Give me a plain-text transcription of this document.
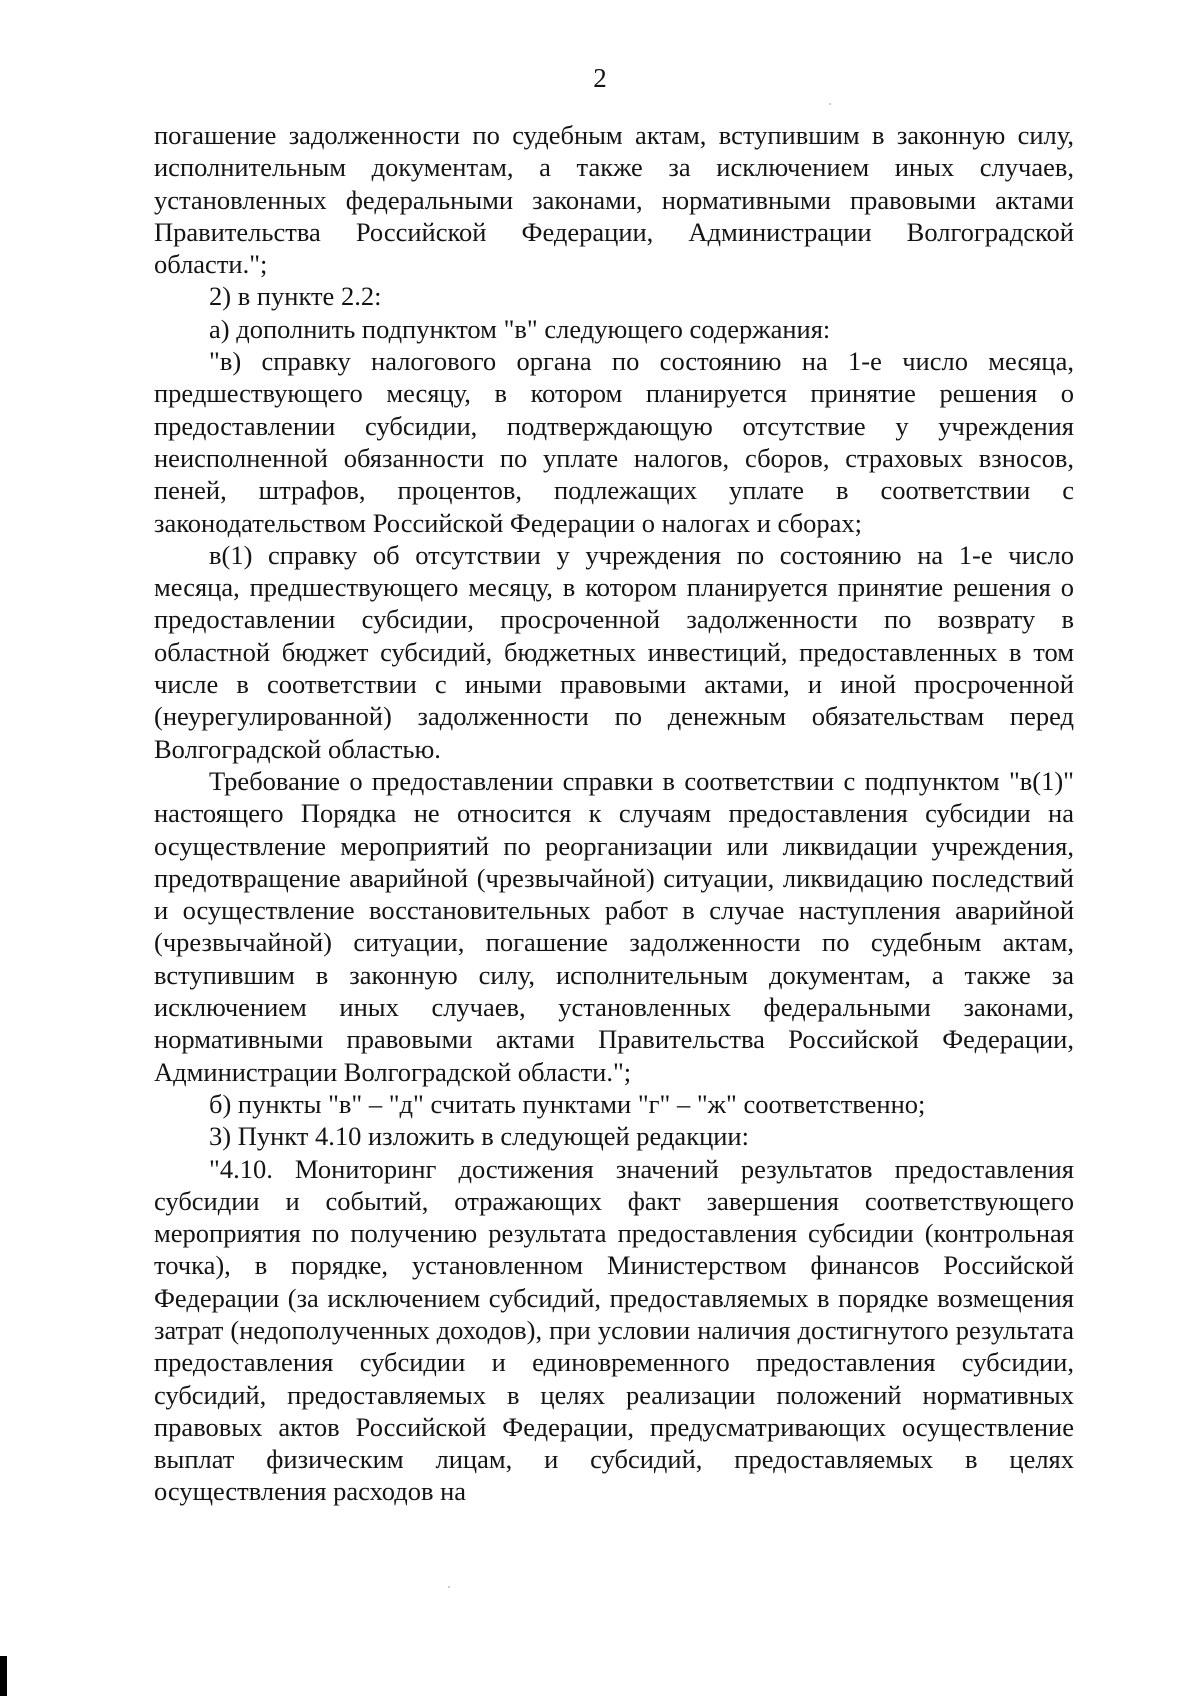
2

погашение задолженности по судебным актам, вступившим в законную силу, исполнительным документам, а также за исключением иных случаев, установленных федеральными законами, нормативными правовыми актами Правительства Российской Федерации, Администрации Волгоградской области.";

2) в пункте 2.2:

а) дополнить подпунктом "в" следующего содержания:

"в) справку налогового органа по состоянию на 1-е число месяца, предшествующего месяцу, в котором планируется принятие решения о предоставлении субсидии, подтверждающую отсутствие у учреждения неисполненной обязанности по уплате налогов, сборов, страховых взносов, пеней, штрафов, процентов, подлежащих уплате в соответствии с законодательством Российской Федерации о налогах и сборах;

в(1) справку об отсутствии у учреждения по состоянию на 1-е число месяца, предшествующего месяцу, в котором планируется принятие решения о предоставлении субсидии, просроченной задолженности по возврату в областной бюджет субсидий, бюджетных инвестиций, предоставленных в том числе в соответствии с иными правовыми актами, и иной просроченной (неурегулированной) задолженности по денежным обязательствам перед Волгоградской областью.

Требование о предоставлении справки в соответствии с подпунктом "в(1)" настоящего Порядка не относится к случаям предоставления субсидии на осуществление мероприятий по реорганизации или ликвидации учреждения, предотвращение аварийной (чрезвычайной) ситуации, ликвидацию последствий и осуществление восстановительных работ в случае наступления аварийной (чрезвычайной) ситуации, погашение задолженности по судебным актам, вступившим в законную силу, исполнительным документам, а также за исключением иных случаев, установленных федеральными законами, нормативными правовыми актами Правительства Российской Федерации, Администрации Волгоградской области.";

б) пункты "в" – "д" считать пунктами "г" – "ж" соответственно;

3) Пункт 4.10 изложить в следующей редакции:

"4.10. Мониторинг достижения значений результатов предоставления субсидии и событий, отражающих факт завершения соответствующего мероприятия по получению результата предоставления субсидии (контрольная точка), в порядке, установленном Министерством финансов Российской Федерации (за исключением субсидий, предоставляемых в порядке возмещения затрат (недополученных доходов), при условии наличия достигнутого результата предоставления субсидии и единовременного предоставления субсидии, субсидий, предоставляемых в целях реализации положений нормативных правовых актов Российской Федерации, предусматривающих осуществление выплат физическим лицам, и субсидий, предоставляемых в целях осуществления расходов на
